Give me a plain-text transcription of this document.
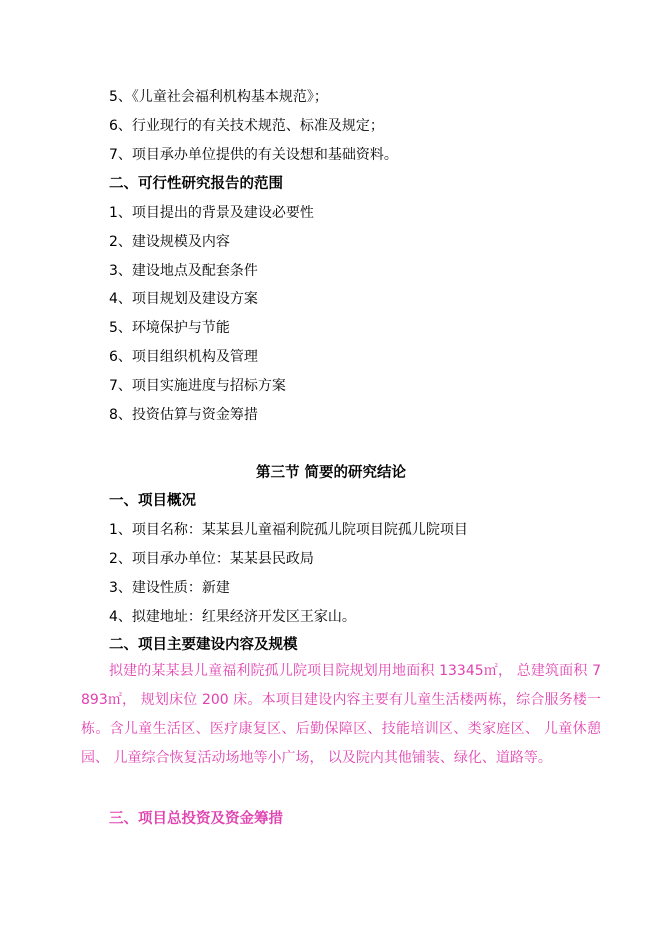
5、《儿童社会福利机构基本规范》；
6、行业现行的有关技术规范、标准及规定；
7、项目承办单位提供的有关设想和基础资料。
二、可行性研究报告的范围
1、项目提出的背景及建设必要性
2、建设规模及内容
3、建设地点及配套条件
4、项目规划及建设方案
5、环境保护与节能
6、项目组织机构及管理
7、项目实施进度与招标方案
8、投资估算与资金筹措
第三节 简要的研究结论
一、项目概况
1、项目名称：某某县儿童福利院孤儿院项目院孤儿院项目
2、项目承办单位：某某县民政局
3、建设性质：新建
4、拟建地址：红果经济开发区王家山。
二、项目主要建设内容及规模
拟建的某某县儿童福利院孤儿院项目院规划用地面积 13345㎡， 总建筑面积 7893㎡， 规划床位 200 床。本项目建设内容主要有儿童生活楼两栋，综合服务楼一栋。含儿童生活区、医疗康复区、后勤保障区、技能培训区、类家庭区、 儿童休憩园、 儿童综合恢复活动场地等小广场， 以及院内其他铺装、绿化、道路等。
三、项目总投资及资金筹措
